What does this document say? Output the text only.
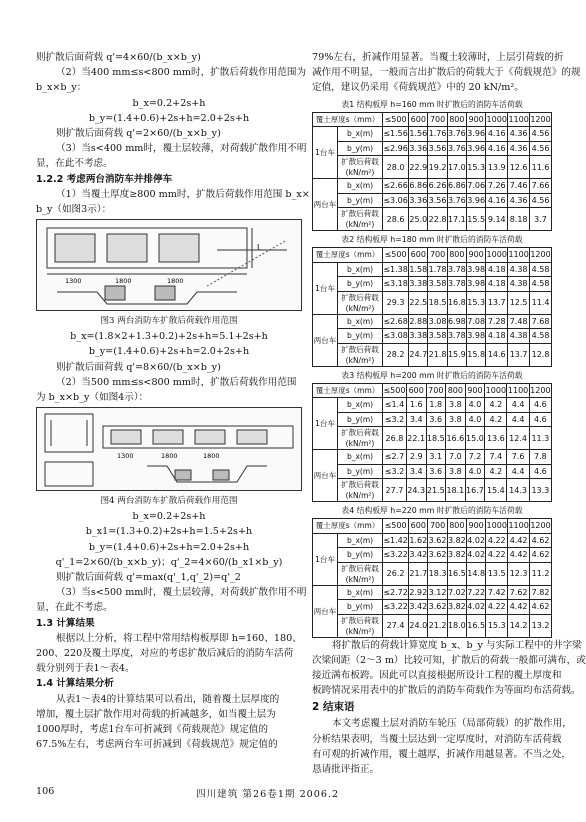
则扩散后面荷载 q'=4×60/(b_x×b_y)
（2）当400 mm≤s<800 mm时，扩散后荷载作用范围为
b_x×b_y：
b_x=0.2+2s+h
b_y=(1.4+0.6)+2s+h=2.0+2s+h
则扩散后面荷载 q'=2×60/(b_x×b_y)
（3）当s<400 mm时，覆土层较薄，对荷载扩散作用不明
显，在此不考虑。
1.2.2 考虑两台消防车并排停车
（1）当覆土厚度≥800 mm时，扩散后荷载作用范围 b_x×
b_y（如图3示）：
L
1300	1800	1800
图3 两台消防车扩散后荷载作用范围
b_x=(1.8×2+1.3+0.2)+2s+h=5.1+2s+h
b_y=(1.4+0.6)+2s+h=2.0+2s+h
则扩散后面荷载 q'=8×60/(b_x×b_y)
（2）当500 mm≤s<800 mm时，扩散后荷载作用范围
为 b_x×b_y（如图4示）：
1300	1800	1800
图4 两台消防车扩散后荷载作用范围
b_x=0.2+2s+h
b_x1=(1.3+0.2)+2s+h=1.5+2s+h
b_y=(1.4+0.6)+2s+h=2.0+2s+h
q'_1=2×60/(b_x×b_y)；q'_2=4×60/(b_x1×b_y)
则扩散后面荷载 q'=max(q'_1,q'_2)=q'_2
（3）当s<500 mm时，覆土层较薄，对荷载扩散作用不明
显，在此不考虑。
1.3 计算结果
根据以上分析，将工程中常用结构板厚即 h=160、180、
200、220及覆土厚度，对应的考虑扩散后减后的消防车活荷
载分别列于表1～表4。
1.4 计算结果分析
从表1～表4的计算结果可以看出，随着覆土层厚度的
增加，覆土层扩散作用对荷载的折减越多，如当覆土层为
1000厚时，考虑1台车可折减到《荷载规范》规定值的
67.5%左右，考虑两台车可折减到《荷载规范》规定值的
79%左右，折减作用显著。当覆土较薄时，上层引荷载的折
减作用不明显，一般而言出扩散后的荷载大于《荷载规范》的规
定值，建议仍采用《荷载规范》中的 20 kN/m²。
表1 结构板厚 h=160 mm 时扩散后的消防车活荷载
覆土厚度s（mm）		≤500	600	700	800	900	1000	1100	1200
1台车	b_x(m)	≤1.56	1.56	1.76	3.76	3.96	4.16	4.36	4.56
	b_y(m)	≤2.96	3.36	3.56	3.76	3.96	4.16	4.36	4.56
	扩散后荷载(kN/m²)	28.0	22.9	19.2	17.0	15.3	13.9	12.6	11.6
两台车	b_x(m)	≤2.66	6.86	6.26	6.86	7.06	7.26	7.46	7.66
	b_y(m)	≤3.06	3.36	3.56	3.76	3.96	4.16	4.36	4.56
	扩散后荷载(kN/m²)	28.6	25.0	22.8	17.1	15.5	9.14	8.18	3.7
表2 结构板厚 h=180 mm 时扩散后的消防车活荷载
覆土厚度s（mm）		≤500	600	700	800	900	1000	1100	1200
1台车	b_x(m)	≤1.38	1.58	1.78	3.78	3.98	4.18	4.38	4.58
	b_y(m)	≤3.18	3.38	3.58	3.78	3.98	4.18	4.38	4.58
	扩散后荷载(kN/m²)	29.3	22.5	18.5	16.8	15.3	13.7	12.5	11.4
两台车	b_x(m)	≤2.68	2.88	3.08	6.98	7.08	7.28	7.48	7.68
	b_y(m)	≤3.08	3.38	3.58	3.78	3.98	4.18	4.38	4.58
	扩散后荷载(kN/m²)	28.2	24.7	21.8	15.9	15.8	14.6	13.7	12.8
表3 结构板厚 h=200 mm 时扩散后的消防车活荷载
覆土厚度s（mm）		≤500	600	700	800	900	1000	1100	1200
1台车	b_x(m)	≤1.4	1.6	1.8	3.8	4.0	4.2	4.4	4.6
	b_y(m)	≤3.2	3.4	3.6	3.8	4.0	4.2	4.4	4.6
	扩散后荷载(kN/m²)	26.8	22.1	18.5	16.6	15.0	13.6	12.4	11.3
两台车	b_x(m)	≤2.7	2.9	3.1	7.0	7.2	7.4	7.6	7.8
	b_y(m)	≤3.2	3.4	3.6	3.8	4.0	4.2	4.4	4.6
	扩散后荷载(kN/m²)	27.7	24.3	21.5	18.1	16.7	15.4	14.3	13.3
表4 结构板厚 h=220 mm 时扩散后的消防车活荷载
覆土厚度s（mm）		≤500	600	700	800	900	1000	1100	1200
1台车	b_x(m)	≤1.42	1.62	3.62	3.82	4.02	4.22	4.42	4.62
	b_y(m)	≤3.22	3.42	3.62	3.82	4.02	4.22	4.42	4.62
	扩散后荷载(kN/m²)	26.2	21.7	18.3	16.5	14.8	13.5	12.3	11.2
两台车	b_x(m)	≤2.72	2.92	3.12	7.02	7.22	7.42	7.62	7.82
	b_y(m)	≤3.22	3.42	3.62	3.82	4.02	4.22	4.42	4.62
	扩散后荷载(kN/m²)	27.4	24.0	21.2	18.0	16.5	15.3	14.2	13.2
将扩散后的荷载计算宽度 b_x、b_y 与实际工程中的井字梁
次梁间距（2～3 m）比较可知，扩散后的荷载一般都可满布，或
接近满布板跨。因此可以直接根据所设计工程的覆土厚度和
板跨情况采用表中的扩散后的消防车荷载作为等面均布活荷载。
2 结束语
本文考虑覆土层对消防车轮压（局部荷载）的扩散作用，
分析结果表明，当覆土层达到一定厚度时，对消防车活荷载
有可观的折减作用，覆土越厚，折减作用越显著。不当之处，
恳请批评指正。
106	四川建筑 第26卷1期 2006.2
